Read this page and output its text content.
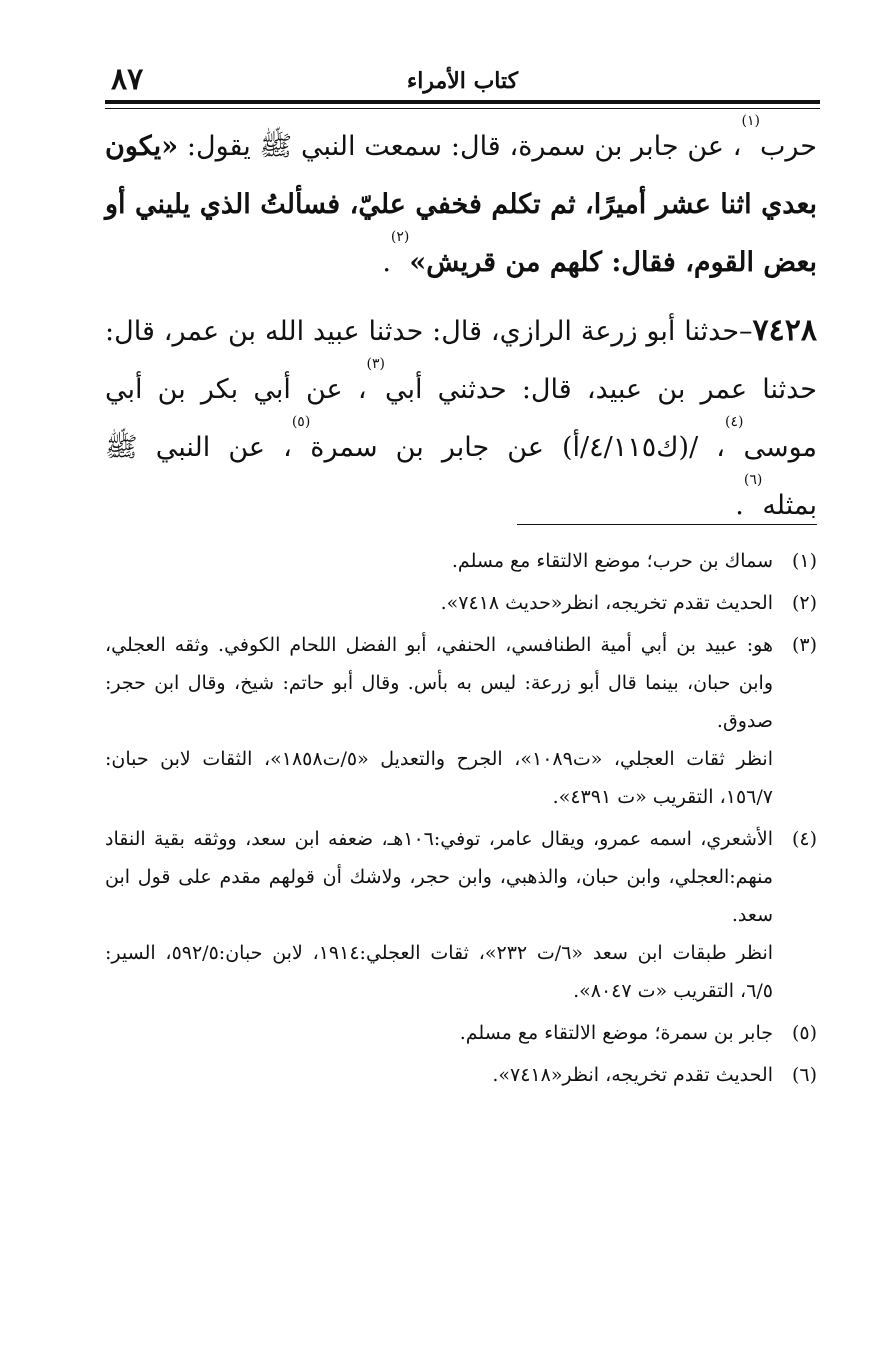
٨٧	كتاب الأمراء

حرب$^{(١)}$، عن جابر بن سمرة، قال: سمعت النبي ﷺ يقول: «يكون بعدي اثنا عشر أميرًا، ثم تكلم فخفي عليّ، فسألتُ الذي يليني أو بعض القوم، فقال: كلهم من قريش»$^{(٢)}$.

٧٤٢٨–حدثنا أبو زرعة الرازي، قال: حدثنا عبيد الله بن عمر، قال: حدثنا عمر بن عبيد، قال: حدثني أبي$^{(٣)}$، عن أبي بكر بن أبي موسى$^{(٤)}$، /(ك٤/١١٥/أ) عن جابر بن سمرة$^{(٥)}$، عن النبي ﷺ بمثله$^{(٦)}$.

(١)

سماك بن حرب؛ موضع الالتقاء مع مسلم.

(٢)

الحديث تقدم تخريجه، انظر«حديث ٧٤١٨».

(٣)

هو: عبيد بن أبي أمية الطنافسي، الحنفي، أبو الفضل اللحام الكوفي. وثقه العجلي، وابن حبان، بينما قال أبو زرعة: ليس به بأس. وقال أبو حاتم: شيخ، وقال ابن حجر: صدوق.

انظر ثقات العجلي، «ت١٠٨٩»، الجرح والتعديل «٥/ت١٨٥٨»، الثقات لابن حبان: ١٥٦/٧، التقريب «ت ٤٣٩١».

(٤)

الأشعري، اسمه عمرو، ويقال عامر، توفي:١٠٦هـ، ضعفه ابن سعد، ووثقه بقية النقاد منهم:العجلي، وابن حبان، والذهبي، وابن حجر، ولاشك أن قولهم مقدم على قول ابن سعد.

انظر طبقات ابن سعد «٦/ت ٢٣٢»، ثقات العجلي:١٩١٤، لابن حبان:٥٩٢/٥، السير: ٦/٥، التقريب «ت ٨٠٤٧».

(٥)

جابر بن سمرة؛ موضع الالتقاء مع مسلم.

(٦)

الحديث تقدم تخريجه، انظر«٧٤١٨».
